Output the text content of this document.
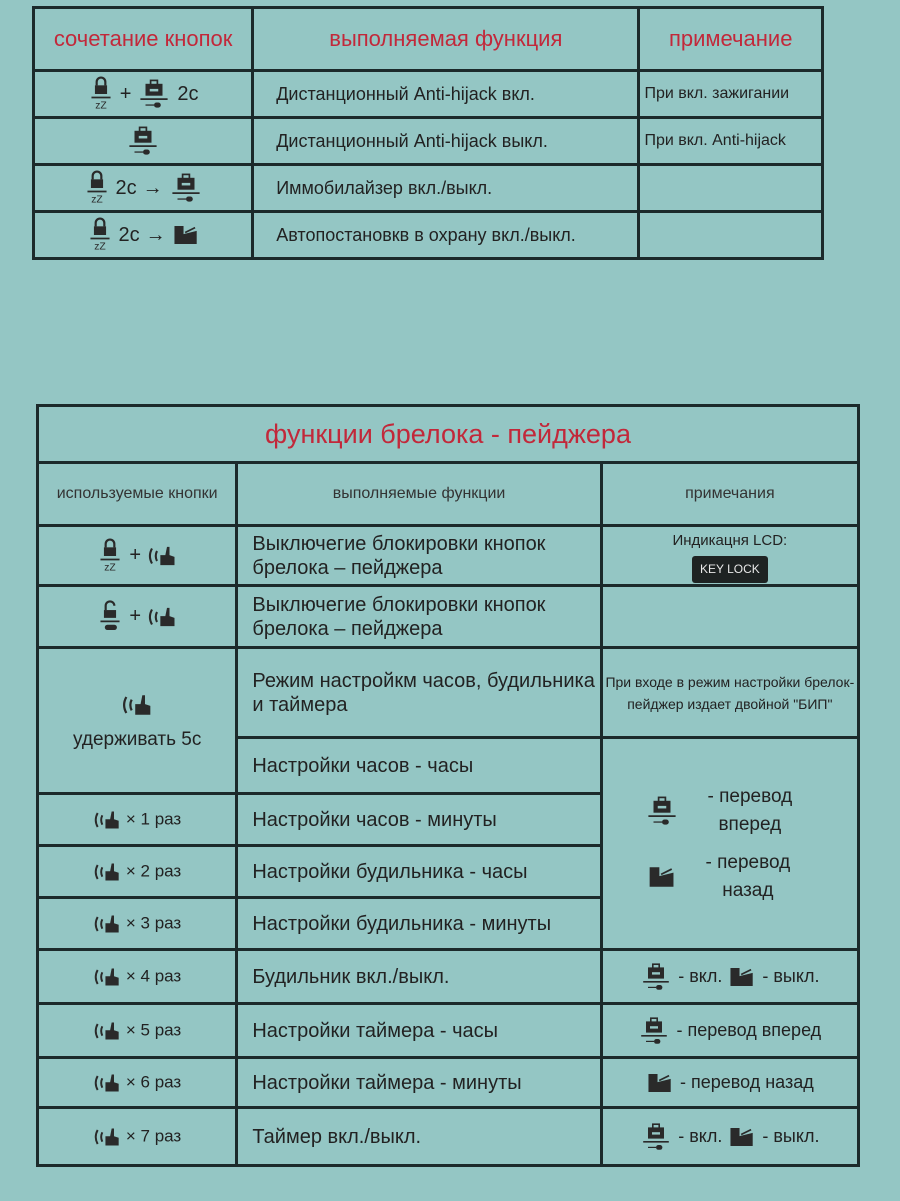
сочетание кнопок	выполняемая функция	примечание

+ 2c	Дистанционный Anti-hijack вкл.	При вкл. зажигании

	Дистанционный Anti-hijack выкл.	При вкл. Anti-hijack

2c →	Иммобилайзер вкл./выкл.	

2c →	Автопостановкв в охрану вкл./выкл.	
функции брелока - пейджера		
используемые кнопки	выполняемые функции	примечания

+	Выключегие блокировки кнопок брелока – пейджера	Индикацня LCD:
KEY LOCK

+	Выключегие блокировки кнопок брелока – пейджера	

удерживать 5с	Режим настройкм часов, будильника и таймера	При входе в режим настройки брелок-пейджер издает двойной "БИП"
	Настройки часов - часы	- перевод вперед
- перевод назад

× 1 раз	Настройки часов - минуты	
× 2 раз	Настройки будильника - часы	
× 3 раз	Настройки будильника - минуты	
× 4 раз	Будильник вкл./выкл.	- вкл. - выкл.

× 5 раз	Настройки таймера - часы	- перевод вперед

× 6 раз	Настройки таймера - минуты	- перевод назад

× 7 раз	Таймер вкл./выкл.	- вкл. - выкл.
